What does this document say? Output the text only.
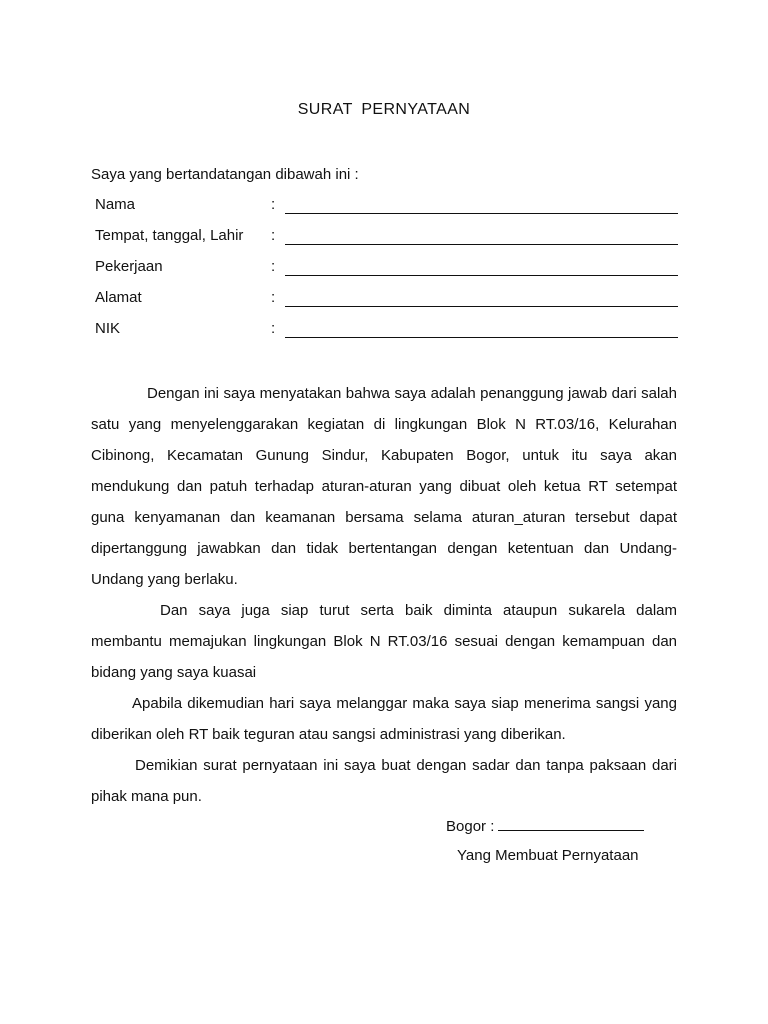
SURAT PERNYATAAN
Saya yang bertandatangan dibawah ini :
Nama	:
Tempat, tanggal, Lahir :
Pekerjaan	:
Alamat	:
NIK	:

Dengan ini saya menyatakan bahwa saya adalah penanggung jawab dari salah satu yang menyelenggarakan kegiatan di lingkungan Blok N RT.03/16, Kelurahan Cibinong, Kecamatan Gunung Sindur, Kabupaten Bogor, untuk itu saya akan mendukung dan patuh terhadap aturan-aturan yang dibuat oleh ketua RT setempat guna kenyamanan dan keamanan bersama selama aturan_aturan tersebut dapat dipertanggung jawabkan dan tidak bertentangan dengan ketentuan dan Undang-Undang yang berlaku.

Dan saya juga siap turut serta baik diminta ataupun sukarela dalam membantu memajukan lingkungan Blok N RT.03/16 sesuai dengan kemampuan dan bidang yang saya kuasai

Apabila dikemudian hari saya melanggar maka saya siap menerima sangsi yang diberikan oleh RT baik teguran atau sangsi administrasi yang diberikan.

Demikian surat pernyataan ini saya buat dengan sadar dan tanpa paksaan dari pihak mana pun.

Bogor :
Yang Membuat Pernyataan
